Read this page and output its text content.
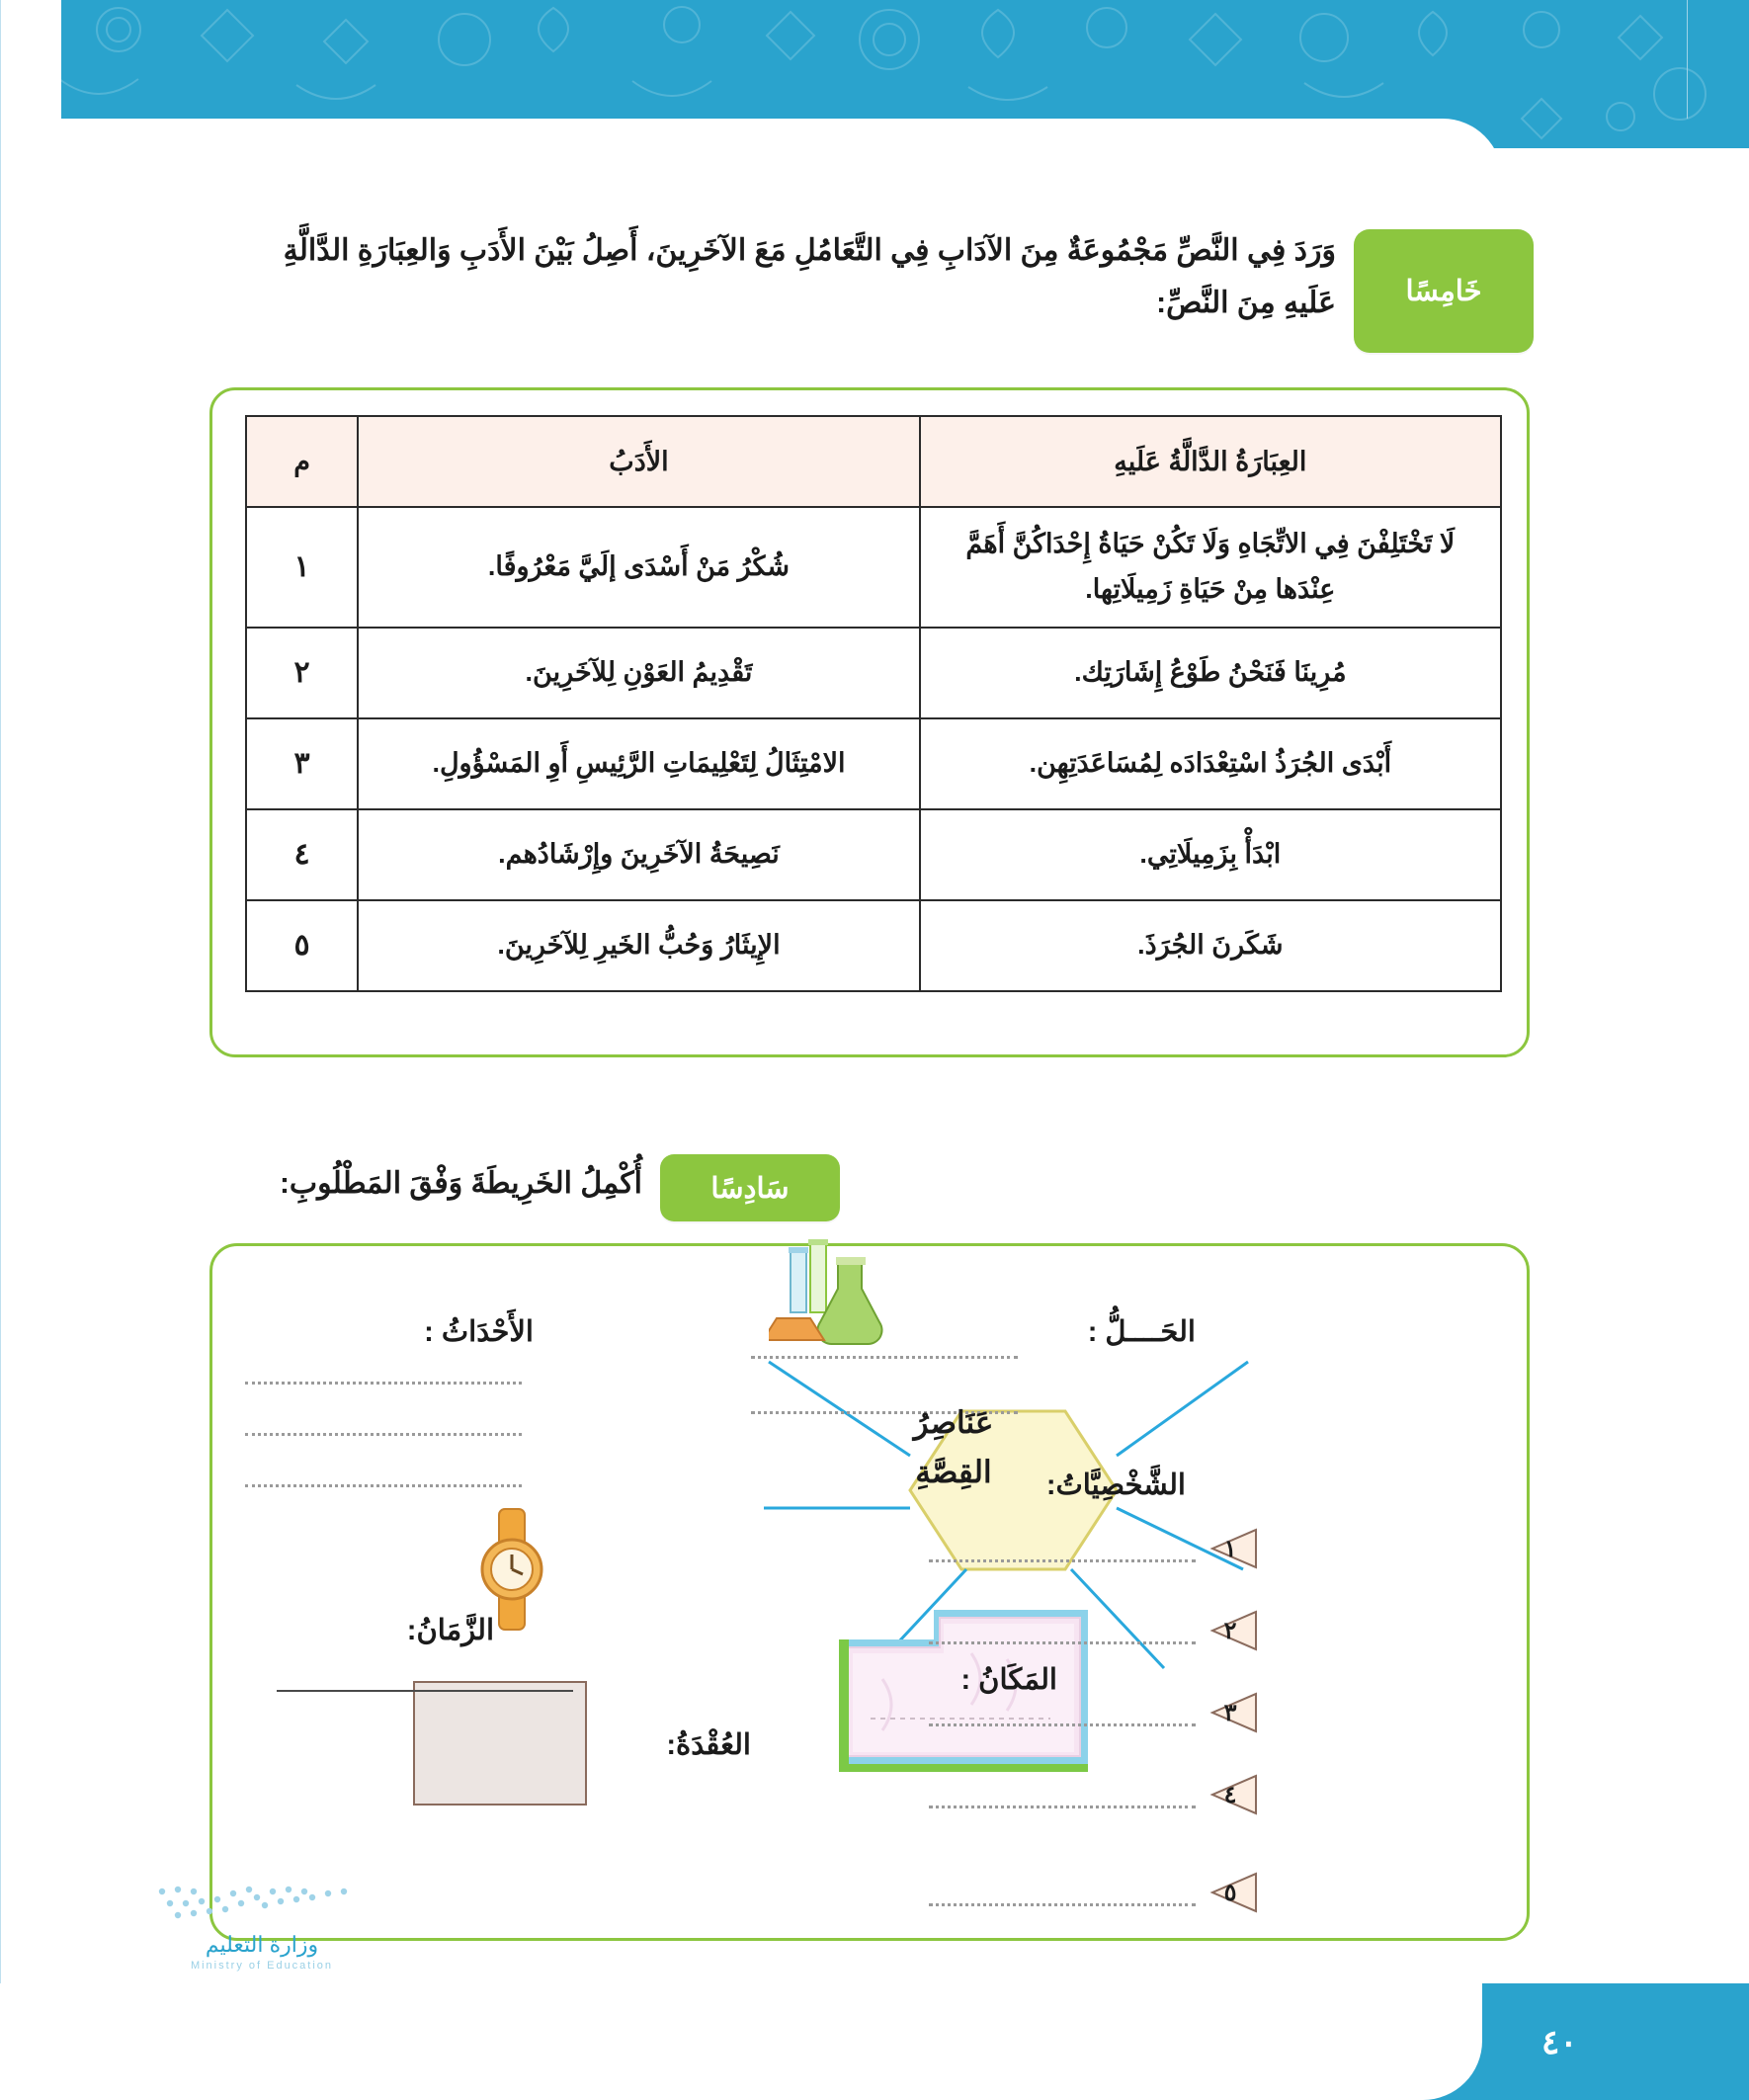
خَامِسًا
وَرَدَ فِي النَّصِّ مَجْمُوعَةٌ مِنَ الآدَابِ فِي التَّعَامُلِ مَعَ الآخَرِينَ، أَصِلُ بَيْنَ الأَدَبِ وَالعِبَارَةِ الدَّالَّةِ عَلَيهِ مِنَ النَّصِّ:
العِبَارَةُ الدَّالَّةُ عَلَيهِ	الأَدَبُ	م
لَا تَخْتَلِفْنَ فِي الاتِّجَاهِ وَلَا تَكُنْ حَيَاةُ إِحْدَاكُنَّ أَهَمَّ عِنْدَها مِنْ حَيَاةِ زَمِيلَاتِها.	شُكْرُ مَنْ أَسْدَى إلَيَّ مَعْرُوفًا.	١
مُرِينَا فَنَحْنُ طَوْعُ إِشَارَتِك.	تَقْدِيمُ العَوْنِ لِلآخَرِينَ.	٢
أَبْدَى الجُرَذُ اسْتِعْدَادَه لِمُسَاعَدَتِهِن.	الامْتِثَالُ لِتَعْلِيمَاتِ الرَّئِيسِ أَوِ المَسْؤُولِ.	٣
ابْدَأْ بِزَمِيلَاتِي.	نَصِيحَةُ الآخَرِينَ وإِرْشَادُهم.	٤
شَكَرنَ الجُرَذَ.	الإِيثَارُ وَحُبُّ الخَيرِ لِلآخَرِينَ.	٥
سَادِسًا
أُكْمِلُ الخَرِيطَةَ وَفْقَ المَطْلُوبِ:
الحَــــلُّ :
الشَّخْصِيَّاتُ:
الأَحْدَاثُ :
الزَّمَانُ:
العُقْدَةُ:
المَكَانُ :
عَنَاصِرُ
القِصَّةِ
١
٢
٣
٤
٥
وزارة التعليم
Ministry of Education
٤٠
